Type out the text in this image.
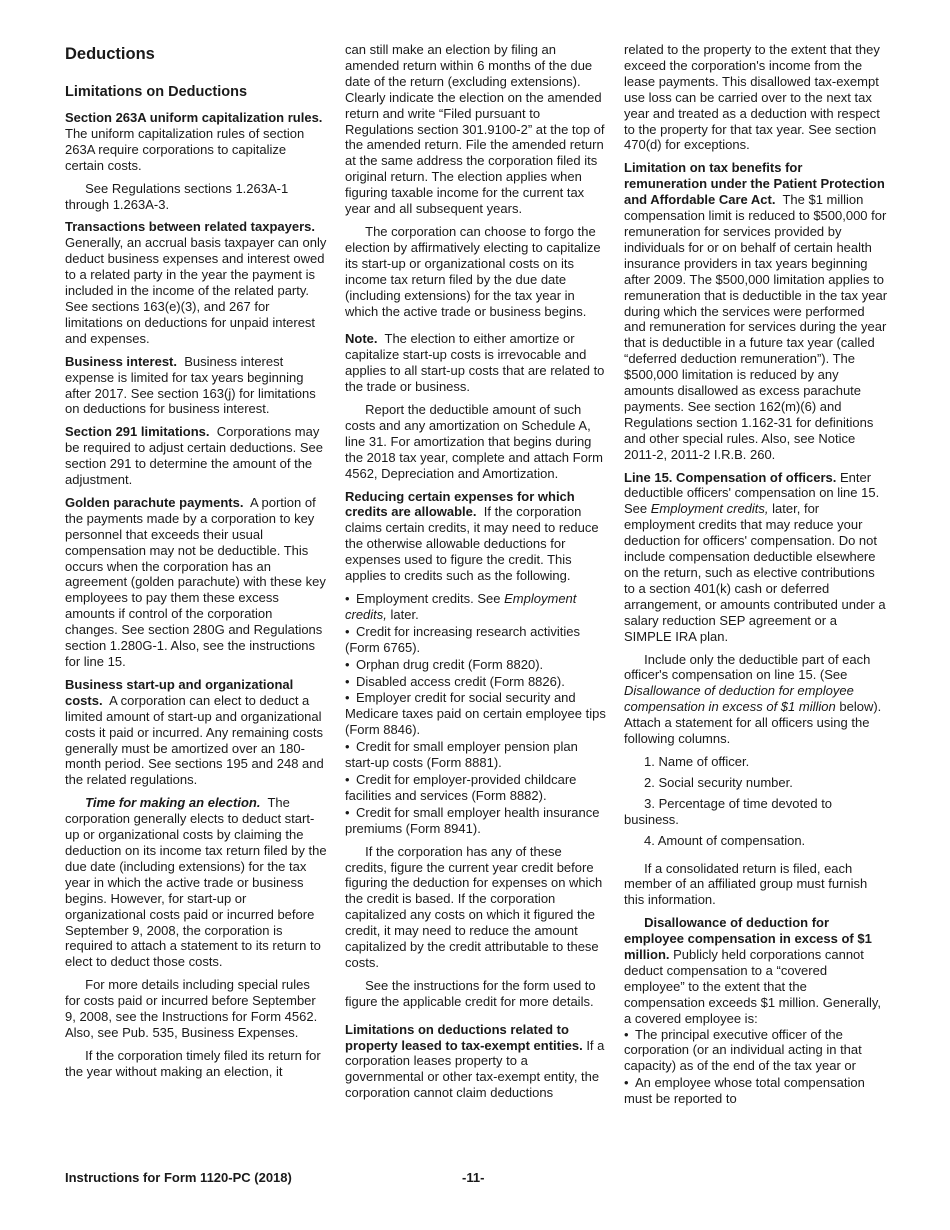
Deductions
Limitations on Deductions

Section 263A uniform capitalization rules.  The uniform capitalization rules of section 263A require corporations to capitalize certain costs.

See Regulations sections 1.263A-1 through 1.263A-3.

Transactions between related taxpayers.  Generally, an accrual basis taxpayer can only deduct business expenses and interest owed to a related party in the year the payment is included in the income of the related party. See sections 163(e)(3), and 267 for limitations on deductions for unpaid interest and expenses.

Business interest. Business interest expense is limited for tax years beginning after 2017. See section 163(j) for limitations on deductions for business interest.

Section 291 limitations. Corporations may be required to adjust certain deductions. See section 291 to determine the amount of the adjustment.

Golden parachute payments. A portion of the payments made by a corporation to key personnel that exceeds their usual compensation may not be deductible. This occurs when the corporation has an agreement (golden parachute) with these key employees to pay them these excess amounts if control of the corporation changes. See section 280G and Regulations section 1.280G-1. Also, see the instructions for line 15.

Business start-up and organizational costs. A corporation can elect to deduct a limited amount of start-up and organizational costs it paid or incurred. Any remaining costs generally must be amortized over an 180-month period. See sections 195 and 248 and the related regulations.

Time for making an election. The corporation generally elects to deduct start-up or organizational costs by claiming the deduction on its income tax return filed by the due date (including extensions) for the tax year in which the active trade or business begins. However, for start-up or organizational costs paid or incurred before September 9, 2008, the corporation is required to attach a statement to its return to elect to deduct those costs.

For more details including special rules for costs paid or incurred before September 9, 2008, see the Instructions for Form 4562. Also, see Pub. 535, Business Expenses.

If the corporation timely filed its return for the year without making an election, it

can still make an election by filing an amended return within 6 months of the due date of the return (excluding extensions). Clearly indicate the election on the amended return and write “Filed pursuant to Regulations section 301.9100-2” at the top of the amended return. File the amended return at the same address the corporation filed its original return. The election applies when figuring taxable income for the current tax year and all subsequent years.

The corporation can choose to forgo the election by affirmatively electing to capitalize its start-up or organizational costs on its income tax return filed by the due date (including extensions) for the tax year in which the active trade or business begins.

Note. The election to either amortize or capitalize start-up costs is irrevocable and applies to all start-up costs that are related to the trade or business.

Report the deductible amount of such costs and any amortization on Schedule A, line 31. For amortization that begins during the 2018 tax year, complete and attach Form 4562, Depreciation and Amortization.

Reducing certain expenses for which credits are allowable. If the corporation claims certain credits, it may need to reduce the otherwise allowable deductions for expenses used to figure the credit. This applies to credits such as the following.

• Employment credits. See Employment credits, later.

• Credit for increasing research activities (Form 6765).

• Orphan drug credit (Form 8820).

• Disabled access credit (Form 8826).

• Employer credit for social security and Medicare taxes paid on certain employee tips (Form 8846).

• Credit for small employer pension plan start-up costs (Form 8881).

• Credit for employer-provided childcare facilities and services (Form 8882).

• Credit for small employer health insurance premiums (Form 8941).

If the corporation has any of these credits, figure the current year credit before figuring the deduction for expenses on which the credit is based. If the corporation capitalized any costs on which it figured the credit, it may need to reduce the amount capitalized by the credit attributable to these costs.

See the instructions for the form used to figure the applicable credit for more details.

Limitations on deductions related to property leased to tax-exempt entities. If a corporation leases property to a governmental or other tax-exempt entity, the corporation cannot claim deductions

related to the property to the extent that they exceed the corporation's income from the lease payments. This disallowed tax-exempt use loss can be carried over to the next tax year and treated as a deduction with respect to the property for that tax year. See section 470(d) for exceptions.

Limitation on tax benefits for remuneration under the Patient Protection and Affordable Care Act. The $1 million compensation limit is reduced to $500,000 for remuneration for services provided by individuals for or on behalf of certain health insurance providers in tax years beginning after 2009. The $500,000 limitation applies to remuneration that is deductible in the tax year during which the services were performed and remuneration for services during the year that is deductible in a future tax year (called “deferred deduction remuneration”). The $500,000 limitation is reduced by any amounts disallowed as excess parachute payments. See section 162(m)(6) and Regulations section 1.162-31 for definitions and other special rules. Also, see Notice 2011-2, 2011-2 I.R.B. 260.

Line 15. Compensation of officers. Enter deductible officers' compensation on line 15. See Employment credits, later, for employment credits that may reduce your deduction for officers' compensation. Do not include compensation deductible elsewhere on the return, such as elective contributions to a section 401(k) cash or deferred arrangement, or amounts contributed under a salary reduction SEP agreement or a SIMPLE IRA plan.

Include only the deductible part of each officer's compensation on line 15. (See Disallowance of deduction for employee compensation in excess of $1 million below). Attach a statement for all officers using the following columns.

1. Name of officer.

2. Social security number.

3. Percentage of time devoted to business.

4. Amount of compensation.

If a consolidated return is filed, each member of an affiliated group must furnish this information.

Disallowance of deduction for employee compensation in excess of $1 million. Publicly held corporations cannot deduct compensation to a “covered employee” to the extent that the compensation exceeds $1 million. Generally, a covered employee is:

• The principal executive officer of the corporation (or an individual acting in that capacity) as of the end of the tax year or

• An employee whose total compensation must be reported to

Instructions for Form 1120-PC (2018)	-11-
